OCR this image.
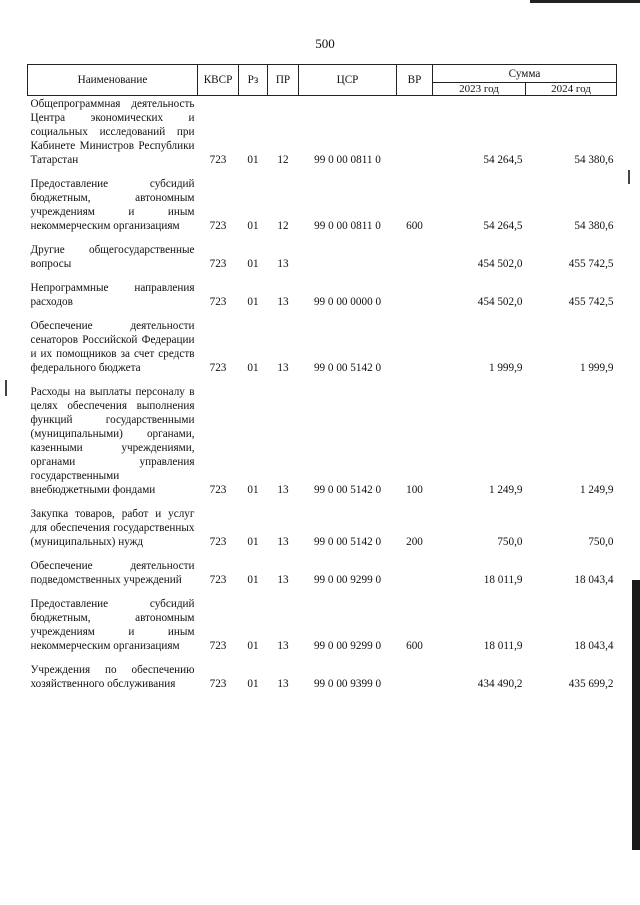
500
Наименование	КВСР	Рз	ПР	ЦСР	ВР	Сумма	
						2023 год	2024 год
Общепрограммная деятельность Центра экономических и социальных исследований при Кабинете Министров Республики Татарстан	723	01	12	99 0 00 0811 0		54 264,5	54 380,6
Предоставление субсидий бюджетным, автономным учреждениям и иным некоммерческим организациям	723	01	12	99 0 00 0811 0	600	54 264,5	54 380,6
Другие общегосударственные вопросы	723	01	13			454 502,0	455 742,5
Непрограммные направления расходов	723	01	13	99 0 00 0000 0		454 502,0	455 742,5
Обеспечение деятельности сенаторов Российской Федерации и их помощников за счет средств федерального бюджета	723	01	13	99 0 00 5142 0		1 999,9	1 999,9
Расходы на выплаты персоналу в целях обеспечения выполнения функций государственными (муниципальными) органами, казенными учреждениями, органами управления государственными внебюджетными фондами	723	01	13	99 0 00 5142 0	100	1 249,9	1 249,9
Закупка товаров, работ и услуг для обеспечения государственных (муниципальных) нужд	723	01	13	99 0 00 5142 0	200	750,0	750,0
Обеспечение деятельности подведомственных учреждений	723	01	13	99 0 00 9299 0		18 011,9	18 043,4
Предоставление субсидий бюджетным, автономным учреждениям и иным некоммерческим организациям	723	01	13	99 0 00 9299 0	600	18 011,9	18 043,4
Учреждения по обеспечению хозяйственного обслуживания	723	01	13	99 0 00 9399 0		434 490,2	435 699,2
